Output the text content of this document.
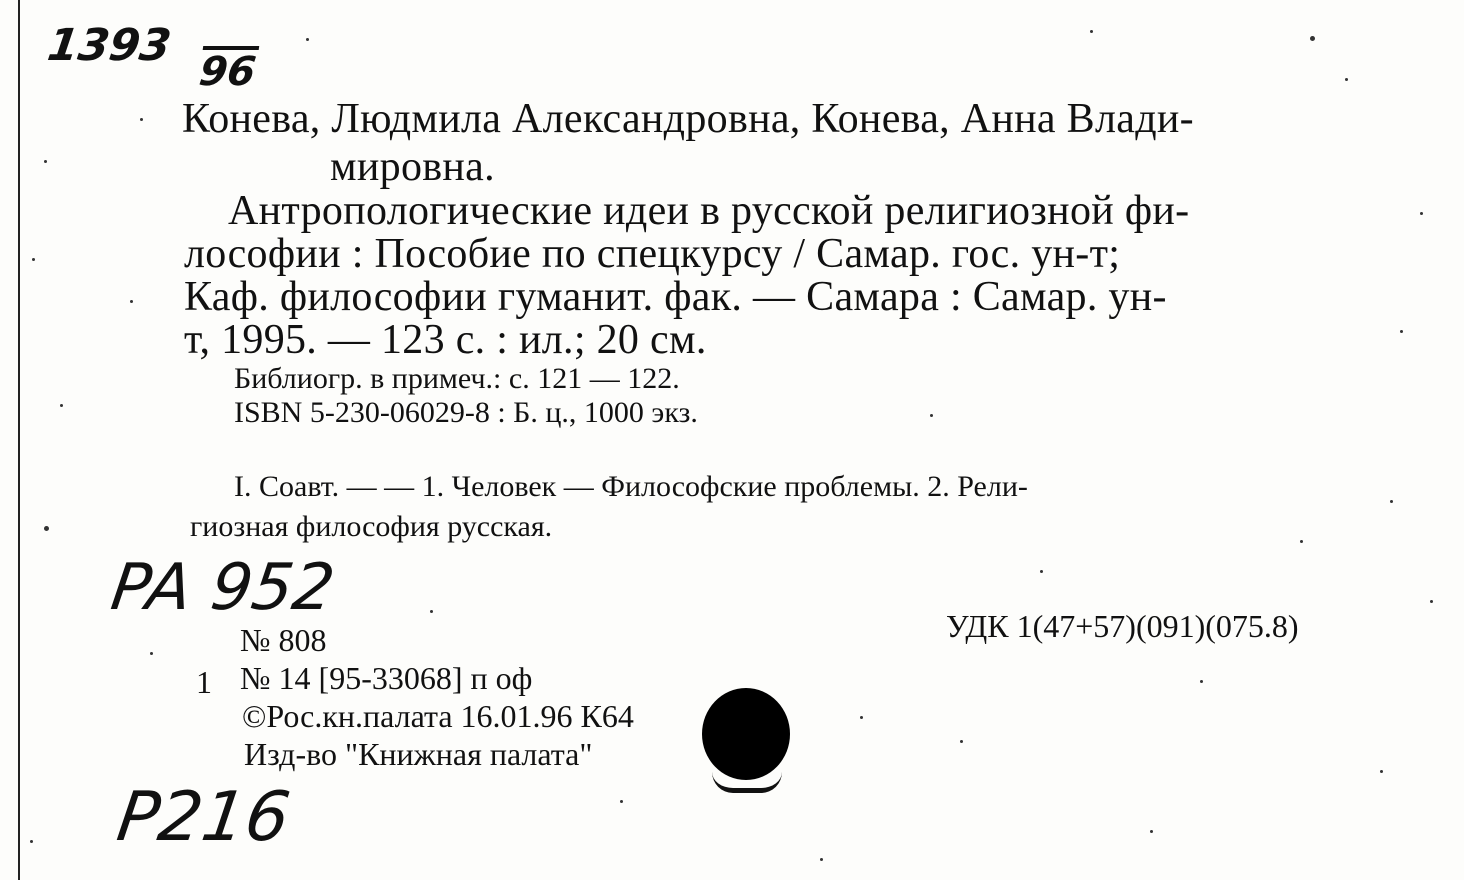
1393
96
Конева, Людмила Александровна, Конева, Анна Влади-
мировна.
Антропологические идеи в русской религиозной фи-
лософии : Пособие по спецкурсу / Самар. гос. ун-т;
Каф. философии гуманит. фак. — Самара : Самар. ун-
т, 1995. — 123 с. : ил.; 20 см.
Библиогр. в примеч.: с. 121 — 122.
ISBN 5-230-06029-8 : Б. ц., 1000 экз.
I. Соавт. — — 1. Человек — Философские проблемы. 2. Рели-
гиозная философия русская.
PA 952
№ 808	УДК 1(47+57)(091)(075.8)
1 № 14 [95-33068] п оф
©Рос.кн.палата 16.01.96 К64
Изд-во "Книжная палата"
P216
